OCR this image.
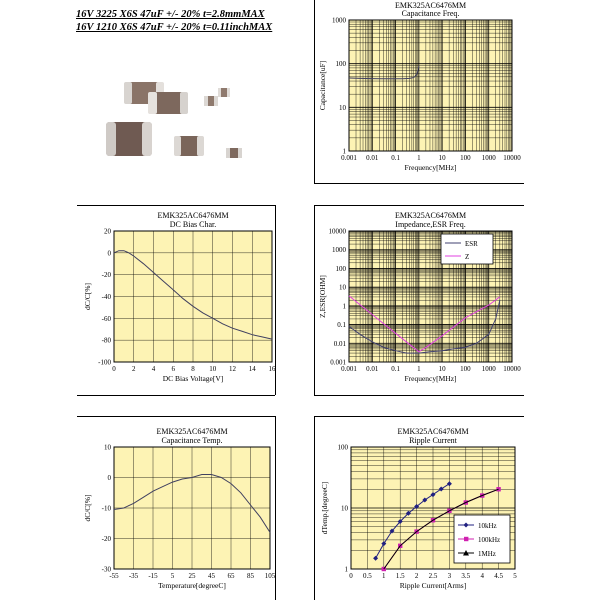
16V 3225 X6S 47uF +/- 20% t=2.8mmMAX
16V 1210 X6S 47uF +/- 20% t=0.11inchMAX
EMK325AC6476MM
Capacitance Freq.
0.001 0.01 0.1 1	10 100 1000 10000
1
10
100
1000
Frequency[MHz]
Capacitance[uF]
EMK325AC6476MM
DC Bias Char.
0 2 4 6 8 10 12 14 16
20
0
-20
-40
-60
-80
-100
DC Bias Voltage[V]
dC/C[%]
EMK325AC6476MM
Impedance,ESR Freq.
0.001 0.01 0.1 1	10 100 1000 10000
0.001
0.01
0.1
1
10
100
1000
10000
Frequency[MHz]
Z,ESR[OHM]
ESR
Z
EMK325AC6476MM
Capacitance Temp.
-55 -35 -15 5 25 45 65 85 105
10
0
-10
-20
-30
Temperature[degreeC]
dC/C[%]
EMK325AC6476MM
Ripple Current
0 0.5 1 1.5 2 2.5 3 3.5 4 4.5 5
1
10
100
Ripple Current[Arms]
dTemp.[degreeC]	10kHz
100kHz
1MHz
